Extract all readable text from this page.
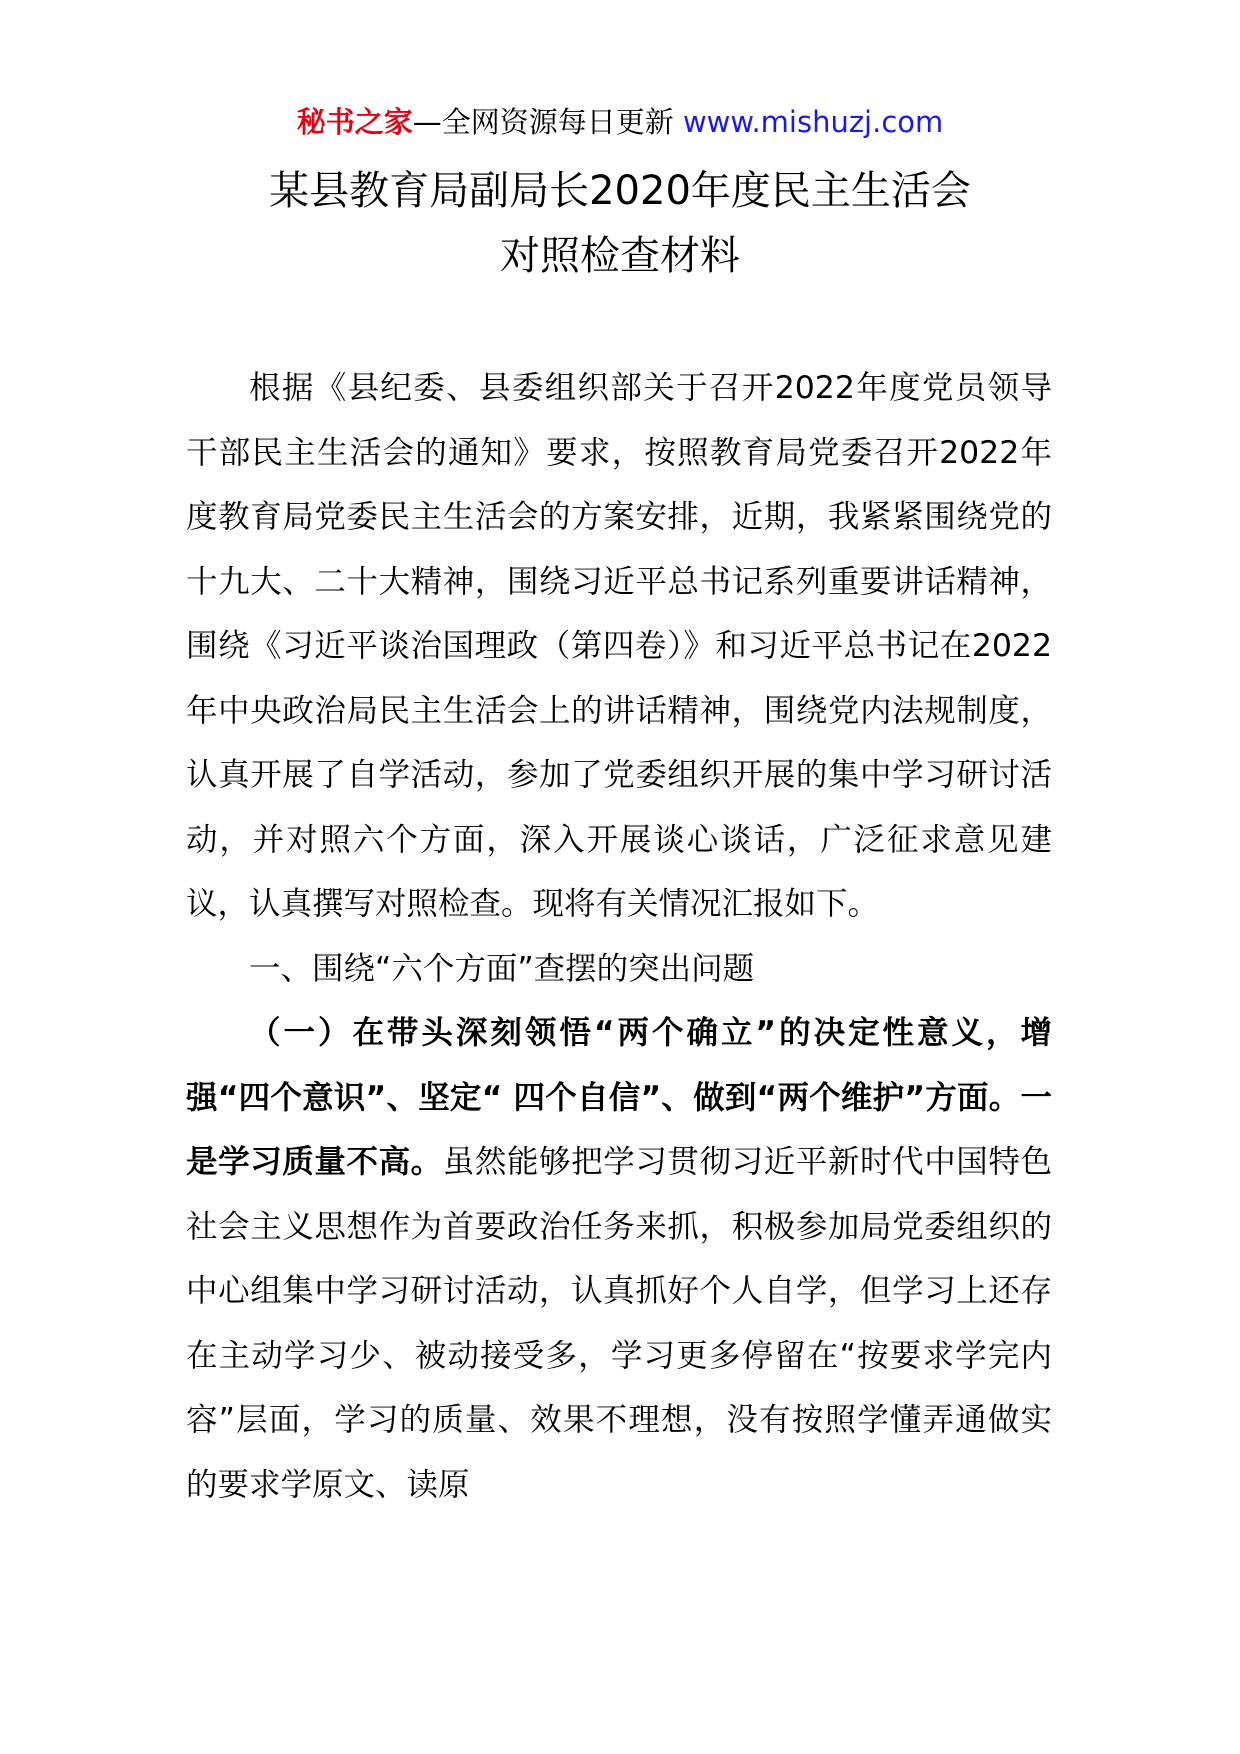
秘书之家—全网资源每日更新 www.mishuzj.com
某县教育局副局长2020年度民主生活会
对照检查材料

根据《县纪委、县委组织部关于召开2022年度党员领导干部民主生活会的通知》要求，按照教育局党委召开2022年度教育局党委民主生活会的方案安排，近期，我紧紧围绕党的十九大、二十大精神，围绕习近平总书记系列重要讲话精神，围绕《习近平谈治国理政（第四卷）》和习近平总书记在2022年中央政治局民主生活会上的讲话精神，围绕党内法规制度，认真开展了自学活动，参加了党委组织开展的集中学习研讨活动，并对照六个方面，深入开展谈心谈话，广泛征求意见建议，认真撰写对照检查。现将有关情况汇报如下。

一、围绕“六个方面”查摆的突出问题

（一）在带头深刻领悟“两个确立”的决定性意义，增强“四个意识”、坚定“ 四个自信”、做到“两个维护”方面。一是学习质量不高。虽然能够把学习贯彻习近平新时代中国特色社会主义思想作为首要政治任务来抓，积极参加局党委组织的中心组集中学习研讨活动，认真抓好个人自学，但学习上还存在主动学习少、被动接受多，学习更多停留在“按要求学完内容”层面，学习的质量、效果不理想，没有按照学懂弄通做实的要求学原文、读原
